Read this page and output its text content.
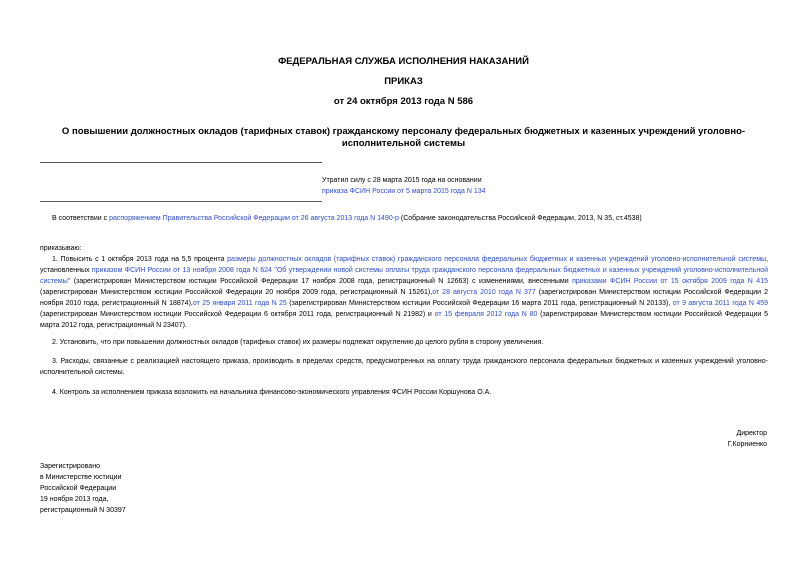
ФЕДЕРАЛЬНАЯ СЛУЖБА ИСПОЛНЕНИЯ НАКАЗАНИЙ
ПРИКАЗ
от 24 октября 2013 года N 586
О повышении должностных окладов (тарифных ставок) гражданскому персоналу федеральных бюджетных и казенных учреждений уголовно-исполнительной системы
Утратил силу с 28 марта 2015 года на основании
приказа ФСИН России от 5 марта 2015 года N 134
В соответствии с распоряжением Правительства Российской Федерации от 26 августа 2013 года N 1490-р (Собрание законодательства Российской Федерации, 2013, N 35, ст.4538)
приказываю:
1. Повысить с 1 октября 2013 года на 5,5 процента размеры должностных окладов (тарифных ставок) гражданского персонала федеральных бюджетных и казенных учреждений уголовно-исполнительной системы, установленных приказом ФСИН России от 13 ноября 2008 года N 624 "Об утверждении новой системы оплаты труда гражданского персонала федеральных бюджетных и казенных учреждений уголовно-исполнительной системы" (зарегистрирован Министерством юстиции Российской Федерации 17 ноября 2008 года, регистрационный N 12663) с изменениями, внесенными приказами ФСИН России от 15 октября 2009 года N 415 (зарегистрирован Министерством юстиции Российской Федерации 20 ноября 2009 года, регистрационный N 15261),от 28 августа 2010 года N 377 (зарегистрирован Министерством юстиции Российской Федерации 2 ноября 2010 года, регистрационный N 18874),от 25 января 2011 года N 25 (зарегистрирован Министерством юстиции Российской Федерации 16 марта 2011 года, регистрационный N 20133), от 9 августа 2011 года N 459 (зарегистрирован Министерством юстиции Российской Федерации 6 октября 2011 года, регистрационный N 21982) и от 15 февраля 2012 года N 80 (зарегистрирован Министерством юстиции Российской Федерации 5 марта 2012 года, регистрационный N 23407).
2. Установить, что при повышении должностных окладов (тарифных ставок) их размеры подлежат округлению до целого рубля в сторону увеличения.
3. Расходы, связанные с реализацией настоящего приказа, производить в пределах средств, предусмотренных на оплату труда гражданского персонала федеральных бюджетных и казенных учреждений уголовно-исполнительной системы.
4. Контроль за исполнением приказа возложить на начальника финансово-экономического управления ФСИН России Коршунова О.А.
Директор
Г.Корниенко
Зарегистрировано
в Министерстве юстиции
Российской Федерации
19 ноября 2013 года,
регистрационный N 30397
